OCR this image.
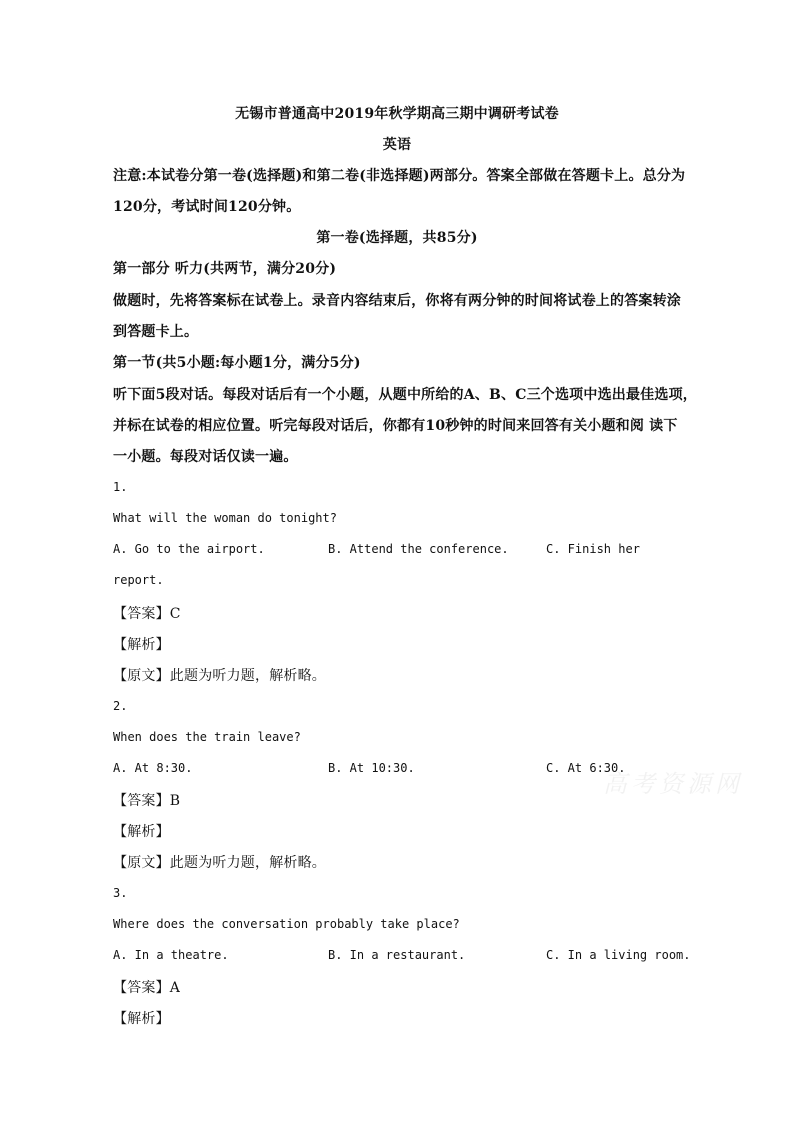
无锡市普通高中2019年秋学期高三期中调研考试卷
英语
注意:本试卷分第一卷(选择题)和第二卷(非选择题)两部分。答案全部做在答题卡上。总分为
120分，考试时间120分钟。
第一卷(选择题，共85分)
第一部分 听力(共两节，满分20分)
做题时，先将答案标在试卷上。录音内容结束后，你将有两分钟的时间将试卷上的答案转涂
到答题卡上。
第一节(共5小题:每小题1分，满分5分)
听下面5段对话。每段对话后有一个小题，从题中所给的A、B、C三个选项中选出最佳选项，
并标在试卷的相应位置。听完每段对话后，你都有10秒钟的时间来回答有关小题和阅 读下
一小题。每段对话仅读一遍。
1.
What will the woman do tonight?
A. Go to the airport.	B. Attend the conference.	C. Finish her
report.
【答案】C
【解析】
【原文】此题为听力题，解析略。
2.
When does the train leave?
A. At 8:30.	B. At 10:30.	C. At 6:30.
【答案】B
【解析】
【原文】此题为听力题，解析略。
3.
Where does the conversation probably take place?
A. In a theatre.	B. In a restaurant.	C. In a living room.
【答案】A
【解析】
高考资源网
